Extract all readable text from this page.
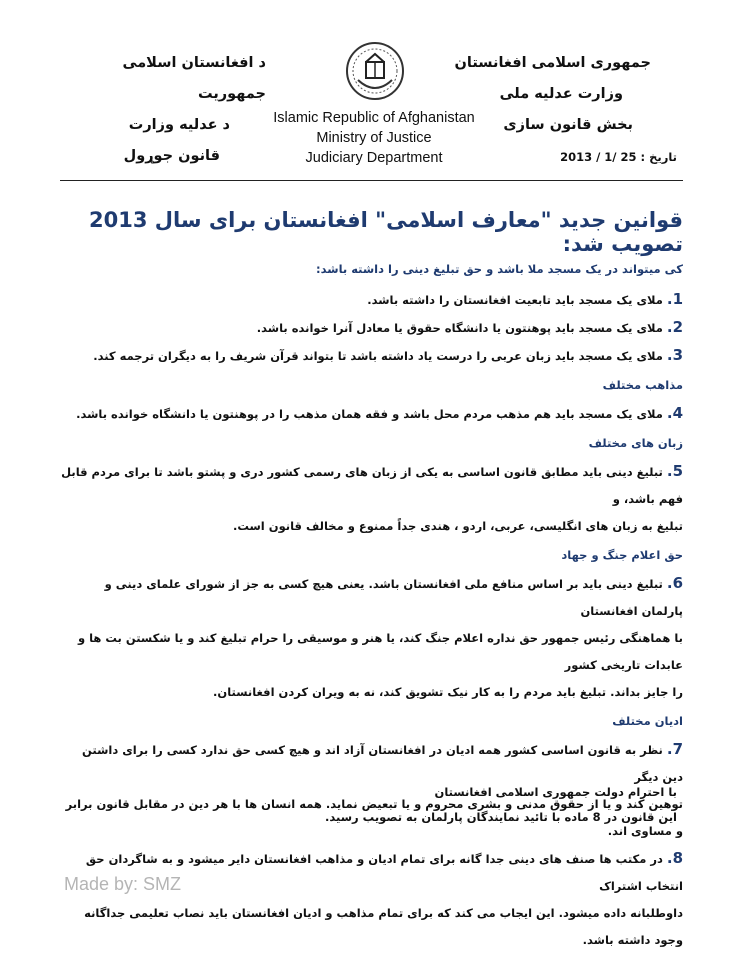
جمهوری اسلامی افغانستان
وزارت عدلیه ملی
بخش قانون سازی
د افغانستان اسلامی جمهوریت
د عدلیه وزارت
قانون جوړول
Islamic Republic of Afghanistan
Ministry of Justice
Judiciary Department	تاریخ : 2013 / 1/ 25
قوانین جدید "معارف اسلامی" افغانستان برای سال 2013 تصویب شد:
کی میتواند در یک مسجد ملا باشد و حق تبلیغ دینی را داشته باشد:

1.ملای یک مسجد باید تابعیت افغانستان را داشته باشد.

2.ملای یک مسجد باید پوهنتون یا دانشگاه حقوق یا معادل آنرا خوانده باشد.

3.ملای یک مسجد باید زبان عربی را درست یاد داشته باشد تا بتواند قرآن شریف را به دیگران ترجمه کند.

مذاهب مختلف

4.ملای یک مسجد باید هم مذهب مردم محل باشد و فقه همان مذهب را در پوهنتون یا دانشگاه خوانده باشد.

زبان های مختلف

5.تبلیغ دینی باید مطابق قانون اساسی به یکی از زبان های رسمی کشور دری و پشتو باشد تا برای مردم قابل فهم باشد، و

تبلیغ به زبان های انگلیسی، عربی، اردو ، هندی جداً ممنوع و مخالف قانون است.

حق اعلام جنگ و جهاد

6.تبلیغ دینی باید بر اساس منافع ملی افغانستان باشد. یعنی هیچ کسی به جز از شورای علمای دینی و پارلمان افغانستان

با هماهنگی رئیس جمهور حق نداره اعلام جنگ کند، یا هنر و موسیقی را حرام تبلیغ کند و یا شکستن بت ها و عابدات تاریخی کشور

را جایز بداند. تبلیغ باید مردم را به کار نیک تشویق کند، نه به ویران کردن افغانستان.

ادیان مختلف

7.نظر به قانون اساسی کشور همه ادیان در افغانستان آزاد اند و هیچ کسی حق ندارد کسی را برای داشتن دین دیگر

توهین کند و یا از حقوق مدنی و بشری محروم و یا تبعیض نماید. همه انسان ها با هر دین در مقابل قانون برابر و مساوی اند.

8.در مکتب ها صنف های دینی جدا گانه برای تمام ادیان و مذاهب افغانستان دایر میشود و به شاگردان حق انتخاب اشتراک

داوطلبانه داده میشود. این ایجاب می کند که برای تمام مذاهب و ادیان افغانستان باید نصاب تعلیمی جداگانه وجود داشته باشد.

با احترام دولت جمهوری اسلامی افغانستان
این قانون در 8 ماده با تائید نمایندگان پارلمان به تصویب رسید.
Made by: SMZ
